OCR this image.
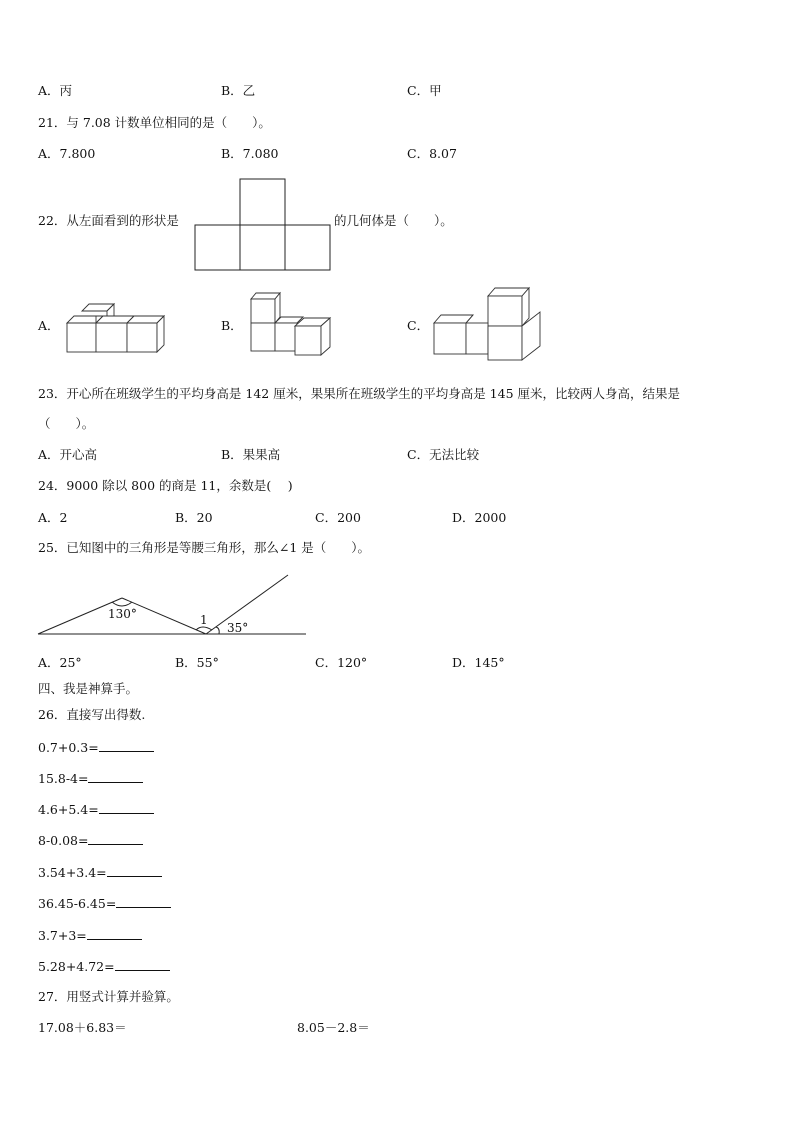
A．丙	B．乙	C．甲
21．与 7.08 计数单位相同的是（　　）。
A．7.800	B．7.080	C．8.07
22．从左面看到的形状是	的几何体是（　　）。
A．	B．	C．
23．开心所在班级学生的平均身高是 142 厘米，果果所在班级学生的平均身高是 145 厘米，比较两人身高，结果是
（　　）。
A．开心高	B．果果高	C．无法比较
24．9000 除以 800 的商是 11，余数是(　 )
A．2	B．20	C．200	D．2000
25．已知图中的三角形是等腰三角形，那么∠1 是（　　）。
130°	1
35°
A．25°	B．55°	C．120°	D．145°
四、我是神算手。
26．直接写出得数.
0.7+0.3=
15.8-4=
4.6+5.4=
8-0.08=
3.54+3.4=
36.45-6.45=
3.7+3=
5.28+4.72=
27．用竖式计算并验算。
17.08＋6.83＝	8.05－2.8＝
